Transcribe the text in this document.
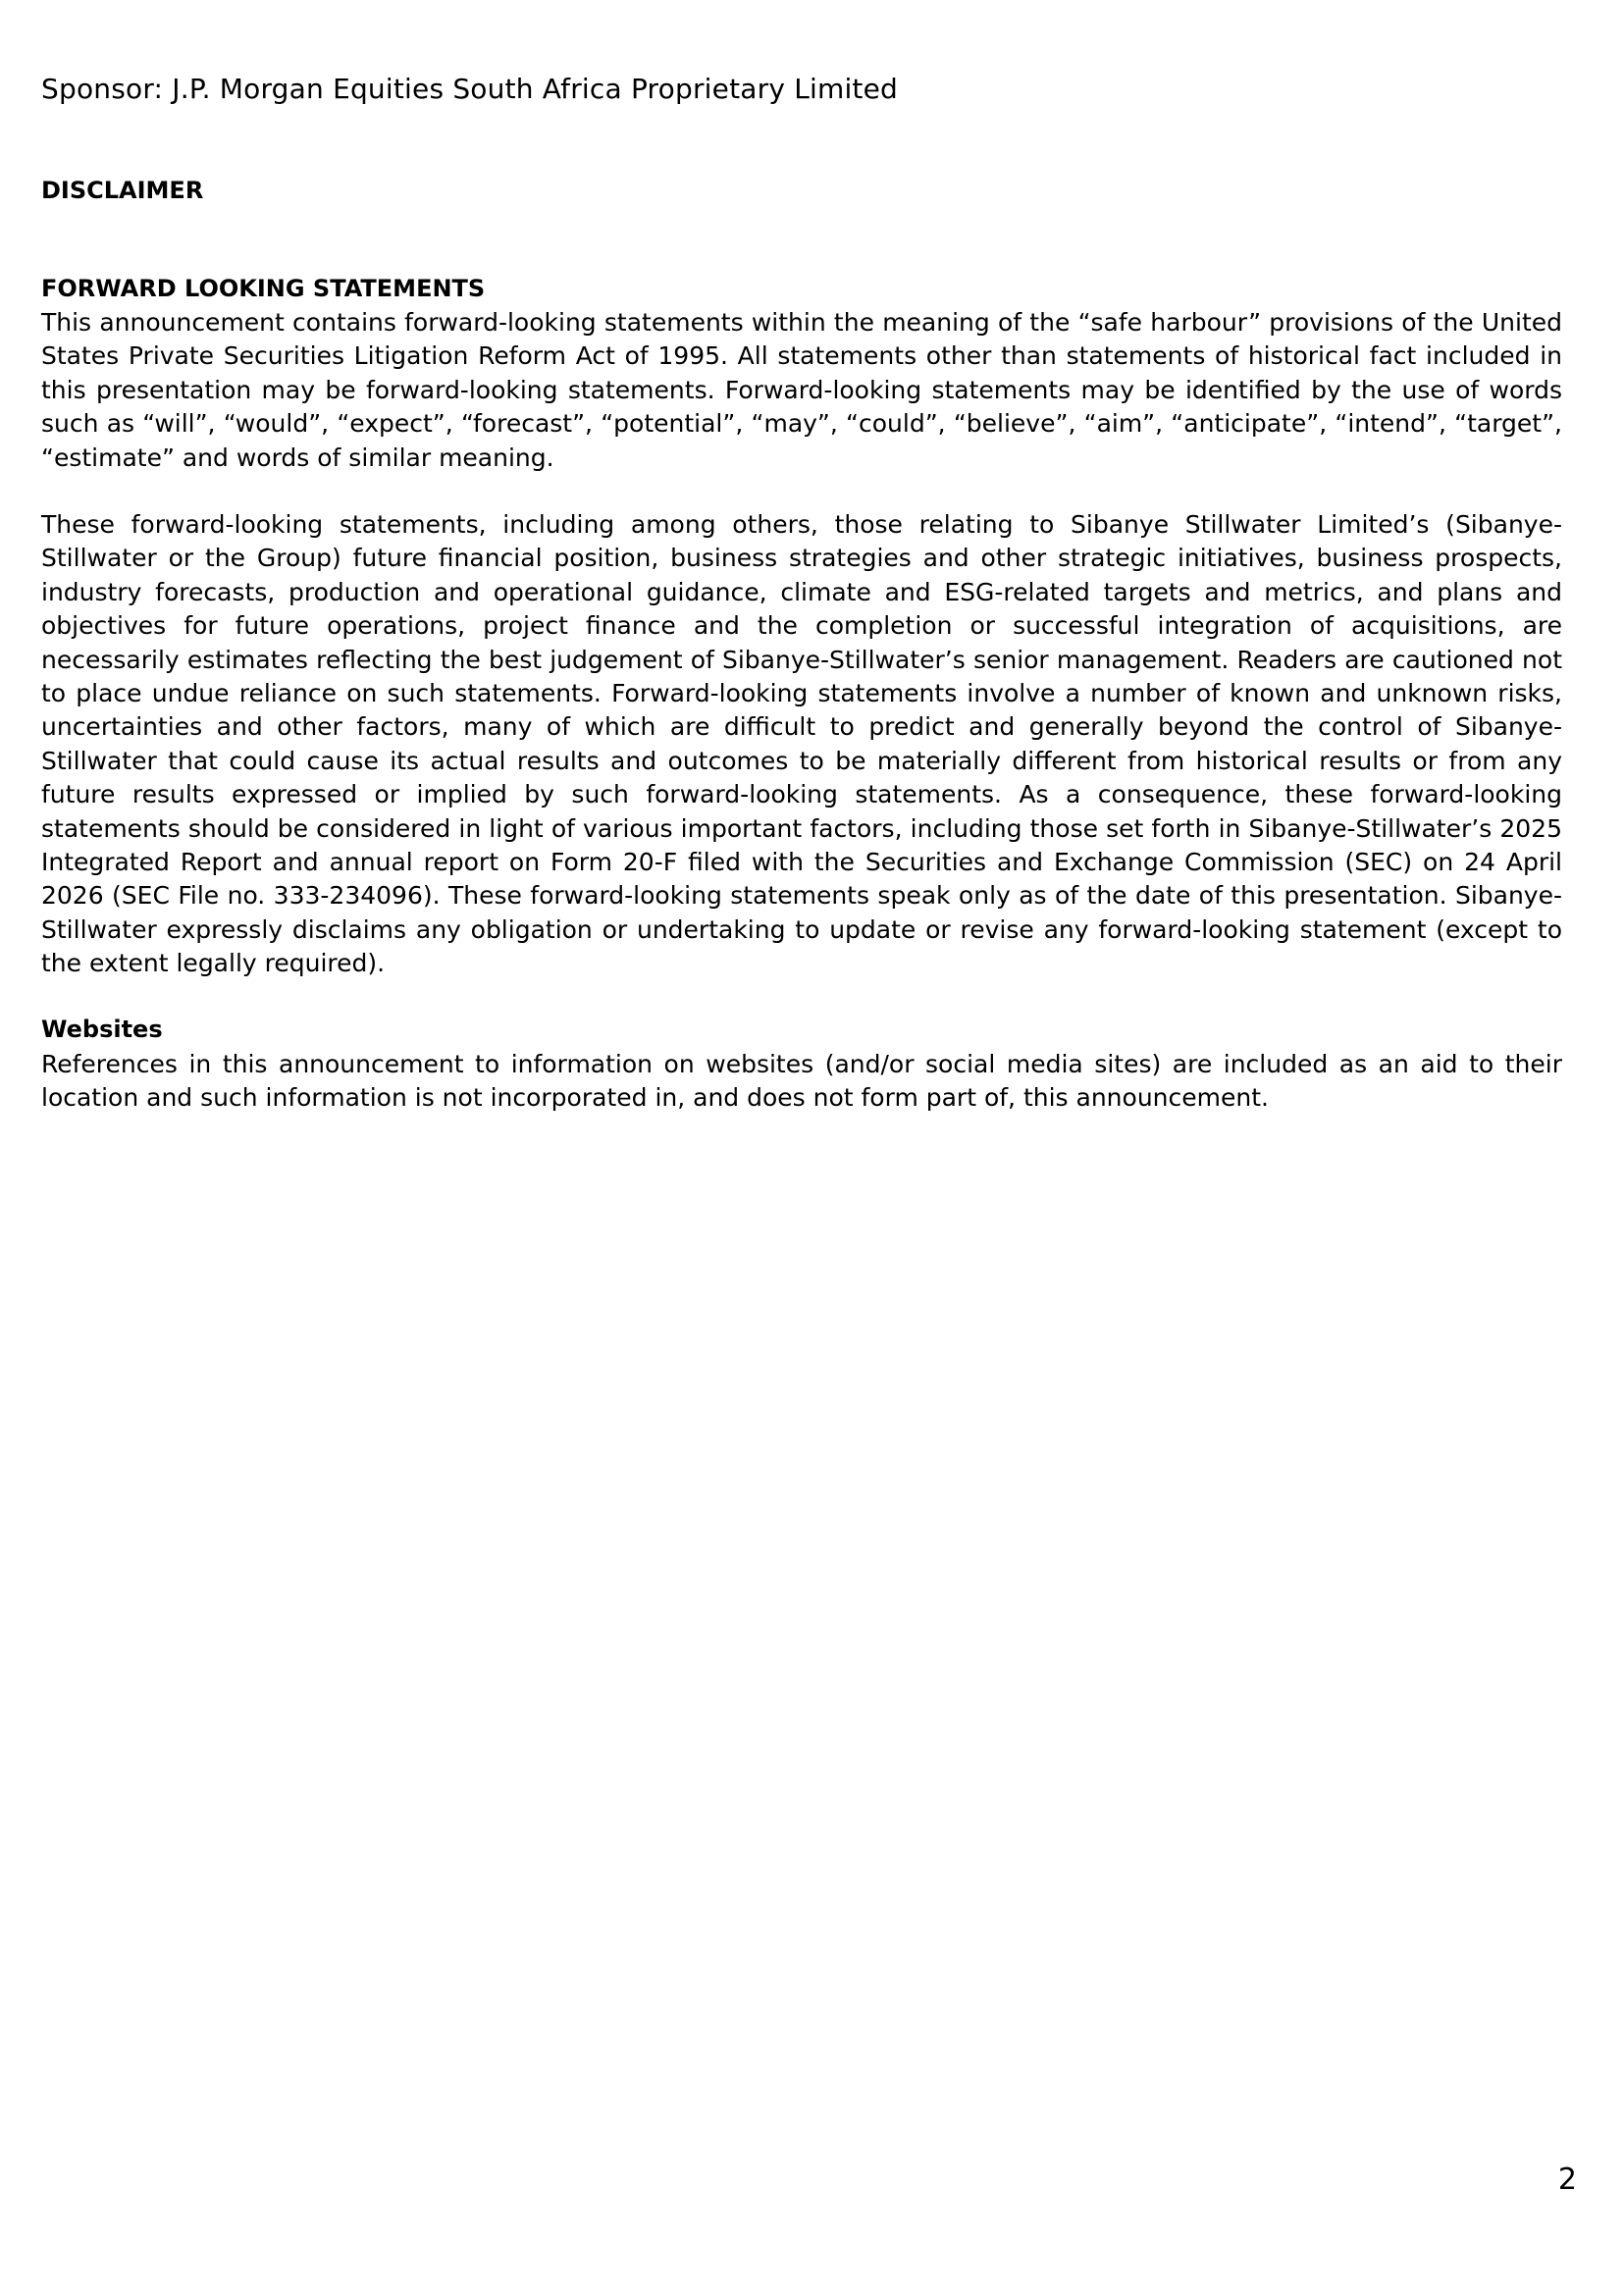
Sponsor: J.P. Morgan Equities South Africa Proprietary Limited
DISCLAIMER
FORWARD LOOKING STATEMENTS

This announcement contains forward-looking statements within the meaning of the “safe harbour” provisions of the United States Private Securities Litigation Reform Act of 1995. All statements other than statements of historical fact included in this presentation may be forward-looking statements. Forward-looking statements may be identified by the use of words such as “will”, “would”, “expect”, “forecast”, “potential”, “may”, “could”, “believe”, “aim”, “anticipate”, “intend”, “target”, “estimate” and words of similar meaning.

These forward-looking statements, including among others, those relating to Sibanye Stillwater Limited’s (Sibanye-Stillwater or the Group) future financial position, business strategies and other strategic initiatives, business prospects, industry forecasts, production and operational guidance, climate and ESG-related targets and metrics, and plans and objectives for future operations, project finance and the completion or successful integration of acquisitions, are necessarily estimates reflecting the best judgement of Sibanye-Stillwater’s senior management. Readers are cautioned not to place undue reliance on such statements. Forward-looking statements involve a number of known and unknown risks, uncertainties and other factors, many of which are difficult to predict and generally beyond the control of Sibanye-Stillwater that could cause its actual results and outcomes to be materially different from historical results or from any future results expressed or implied by such forward-looking statements. As a consequence, these forward-looking statements should be considered in light of various important factors, including those set forth in Sibanye-Stillwater’s 2025 Integrated Report and annual report on Form 20-F filed with the Securities and Exchange Commission (SEC) on 24 April 2026 (SEC File no. 333-234096). These forward-looking statements speak only as of the date of this presentation. Sibanye-Stillwater expressly disclaims any obligation or undertaking to update or revise any forward-looking statement (except to the extent legally required).

Websites

References in this announcement to information on websites (and/or social media sites) are included as an aid to their location and such information is not incorporated in, and does not form part of, this announcement.

2
